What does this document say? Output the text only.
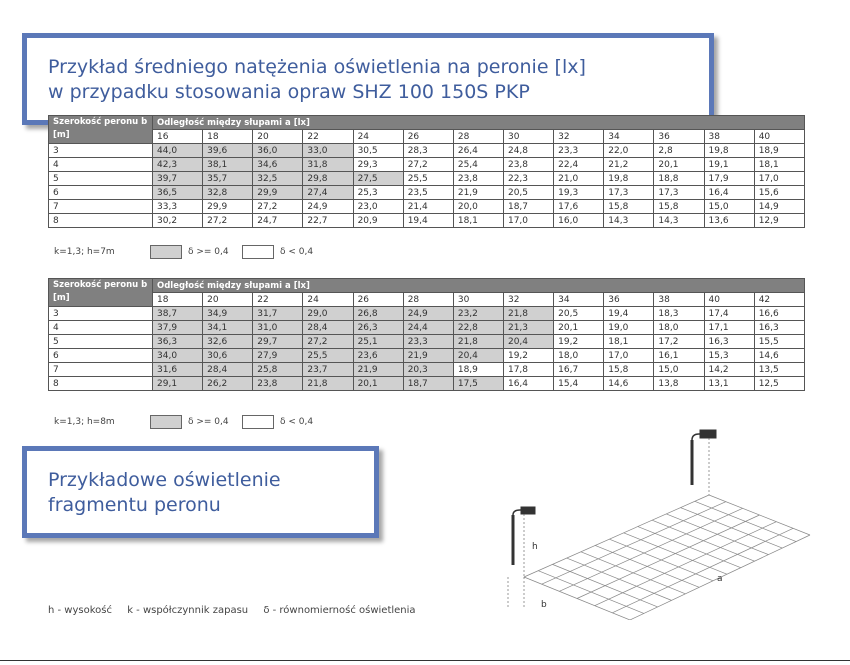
Przykład średniego natężenia oświetlenia na peronie [lx]
w przypadku stosowania opraw SHZ 100 150S PKP
Szerokość peronu b [m]	Odległość między słupami a [lx]												
	16	18	20	22	24	26	28	30	32	34	36	38	40
3	44,0	39,6	36,0	33,0	30,5	28,3	26,4	24,8	23,3	22,0	2,8	19,8	18,9
4	42,3	38,1	34,6	31,8	29,3	27,2	25,4	23,8	22,4	21,2	20,1	19,1	18,1
5	39,7	35,7	32,5	29,8	27,5	25,5	23,8	22,3	21,0	19,8	18,8	17,9	17,0
6	36,5	32,8	29,9	27,4	25,3	23,5	21,9	20,5	19,3	17,3	17,3	16,4	15,6
7	33,3	29,9	27,2	24,9	23,0	21,4	20,0	18,7	17,6	15,8	15,8	15,0	14,9
8	30,2	27,2	24,7	22,7	20,9	19,4	18,1	17,0	16,0	14,3	14,3	13,6	12,9
k=1,3; h=7m	δ >= 0,4	δ < 0,4
Szerokość peronu b [m]	Odległość między słupami a [lx]												
	18	20	22	24	26	28	30	32	34	36	38	40	42
3	38,7	34,9	31,7	29,0	26,8	24,9	23,2	21,8	20,5	19,4	18,3	17,4	16,6
4	37,9	34,1	31,0	28,4	26,3	24,4	22,8	21,3	20,1	19,0	18,0	17,1	16,3
5	36,3	32,6	29,7	27,2	25,1	23,3	21,8	20,4	19,2	18,1	17,2	16,3	15,5
6	34,0	30,6	27,9	25,5	23,6	21,9	20,4	19,2	18,0	17,0	16,1	15,3	14,6
7	31,6	28,4	25,8	23,7	21,9	20,3	18,9	17,8	16,7	15,8	15,0	14,2	13,5
8	29,1	26,2	23,8	21,8	20,1	18,7	17,5	16,4	15,4	14,6	13,8	13,1	12,5
k=1,3; h=8m	δ >= 0,4	δ < 0,4
Przykładowe oświetlenie
fragmentu peronu
h - wysokość k - współczynnik zapasu δ - równomierność oświetlenia
h
a
b
